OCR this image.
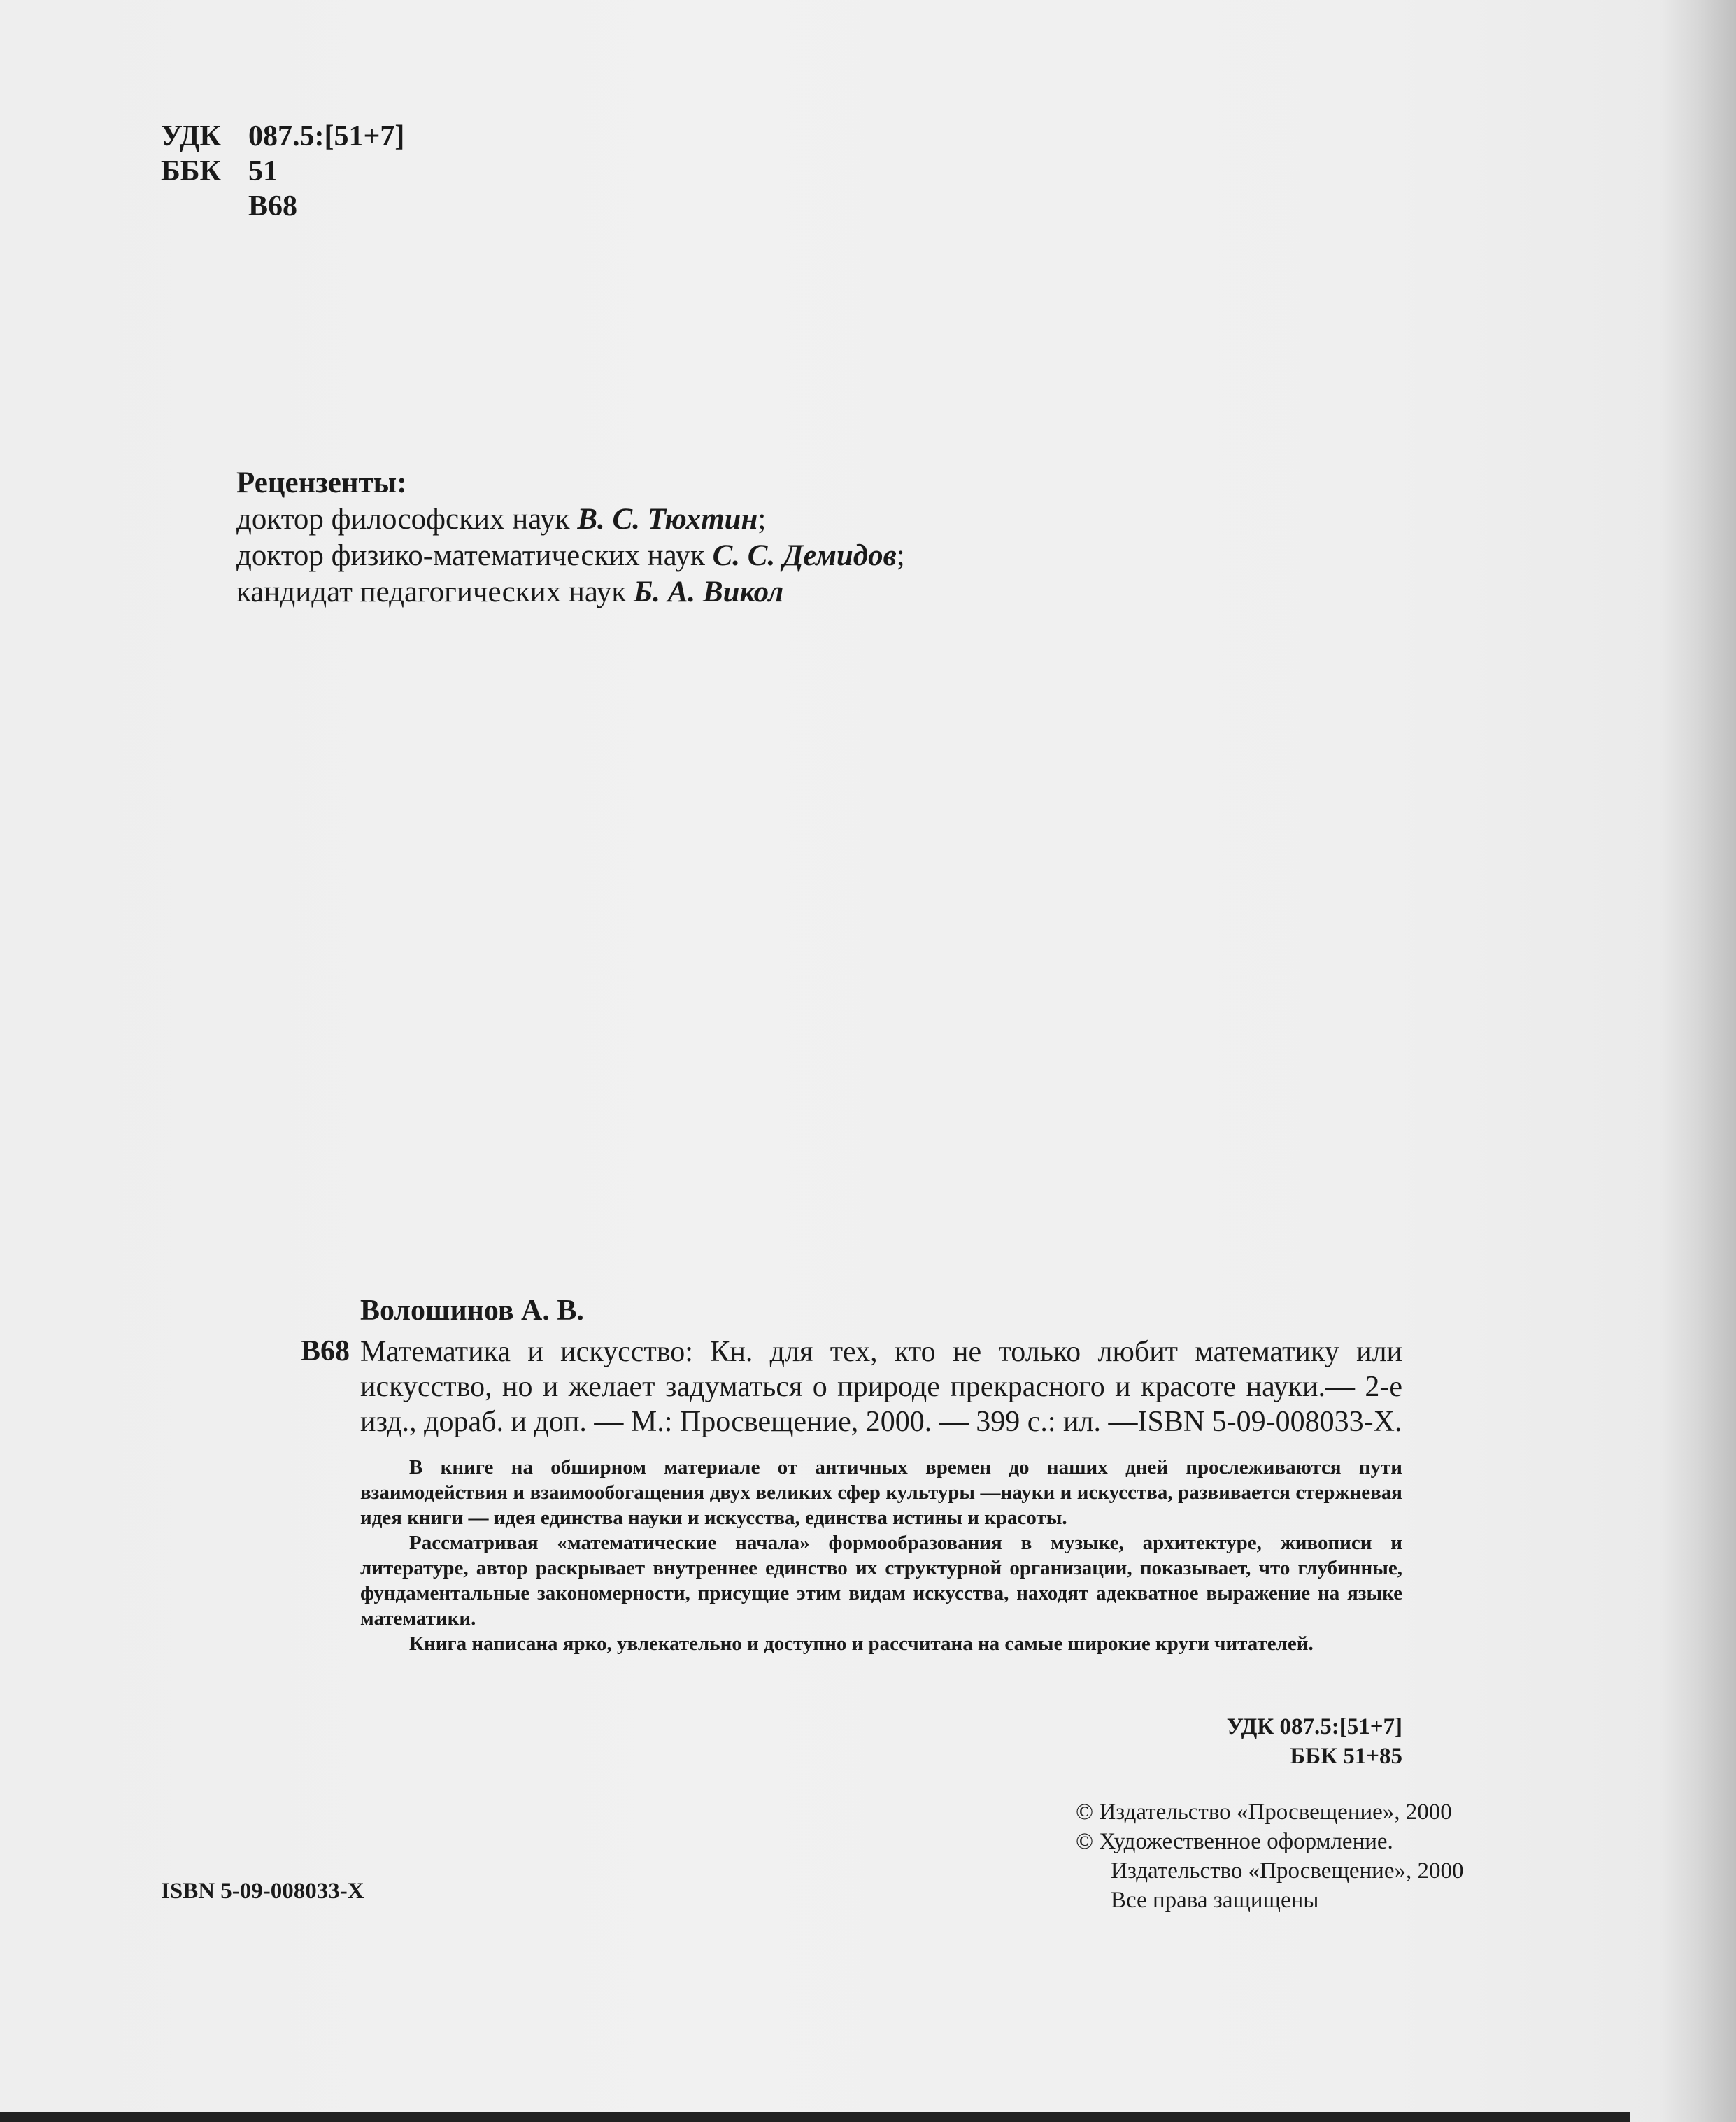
УДК 087.5:[51+7]
ББК 51
В68
Рецензенты:
доктор философских наук В. С. Тюхтин;
доктор физико-математических наук С. С. Демидов;
кандидат педагогических наук Б. А. Викол
Волошинов А. В.
В68 Математика и искусство: Кн. для тех, кто не только любит математику или искусство, но и желает задуматься о природе прекрасного и красоте науки.— 2-е изд., дораб. и доп. — М.: Просвещение, 2000. — 399 с.: ил. —ISBN 5-09-008033-Х.

В книге на обширном материале от античных времен до наших дней прослеживаются пути взаимодействия и взаимообогащения двух великих сфер культуры —науки и искусства, развивается стержневая идея книги — идея единства науки и искусства, единства истины и красоты.

Рассматривая «математические начала» формообразования в музыке, архитектуре, живописи и литературе, автор раскрывает внутреннее единство их структурной организации, показывает, что глубинные, фундаментальные закономерности, присущие этим видам искусства, находят адекватное выражение на языке математики.

Книга написана ярко, увлекательно и доступно и рассчитана на самые широкие круги читателей.

УДК 087.5:[51+7]
ББК 51+85
© Издательство «Просвещение», 2000
© Художественное оформление.
Издательство «Просвещение», 2000
Все права защищены
ISBN 5-09-008033-Х
